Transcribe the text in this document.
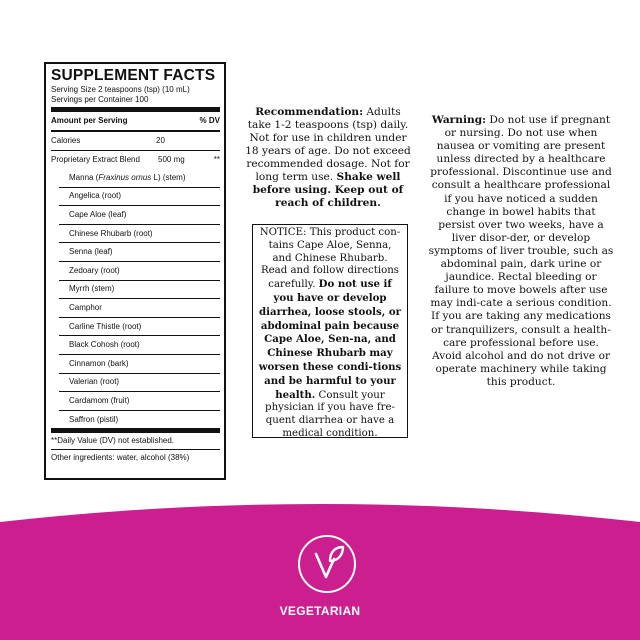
SUPPLEMENT FACTS
Serving Size 2 teaspoons (tsp) (10 mL)
Servings per Container 100
Amount per Serving	% DV
Calories	20
Proprietary Extract Blend	500 mg	**
Manna (Fraxinus ornus L) (stem)
Angelica (root)
Cape Aloe (leaf)
Chinese Rhubarb (root)
Senna (leaf)
Zedoary (root)
Myrrh (stem)
Camphor
Carline Thistle (root)
Black Cohosh (root)
Cinnamon (bark)
Valerian (root)
Cardamom (fruit)
Saffron (pistil)
**Daily Value (DV) not established.
Other ingredients: water, alcohol (38%)
Recommendation: Adults take 1-2 teaspoons (tsp) daily. Not for use in children under 18 years of age. Do not exceed recommended dosage. Not for long term use. Shake well before using. Keep out of reach of children.
NOTICE: This product con-tains Cape Aloe, Senna, and Chinese Rhubarb. Read and follow directions carefully. Do not use if you have or develop diarrhea, loose stools, or abdominal pain because Cape Aloe, Sen-na, and Chinese Rhubarb may worsen these condi-tions and be harmful to your health. Consult your physician if you have fre-quent diarrhea or have a medical condition.
Warning: Do not use if pregnant or nursing. Do not use when nausea or vomiting are present unless directed by a healthcare professional. Discontinue use and consult a healthcare professional if you have noticed a sudden change in bowel habits that persist over two weeks, have a liver disor-der, or develop symptoms of liver trouble, such as abdominal pain, dark urine or jaundice. Rectal bleeding or failure to move bowels after use may indi-cate a serious condition. If you are taking any medications or tranquilizers, consult a health-care professional before use. Avoid alcohol and do not drive or operate machinery while taking this product.
VEGETARIAN
